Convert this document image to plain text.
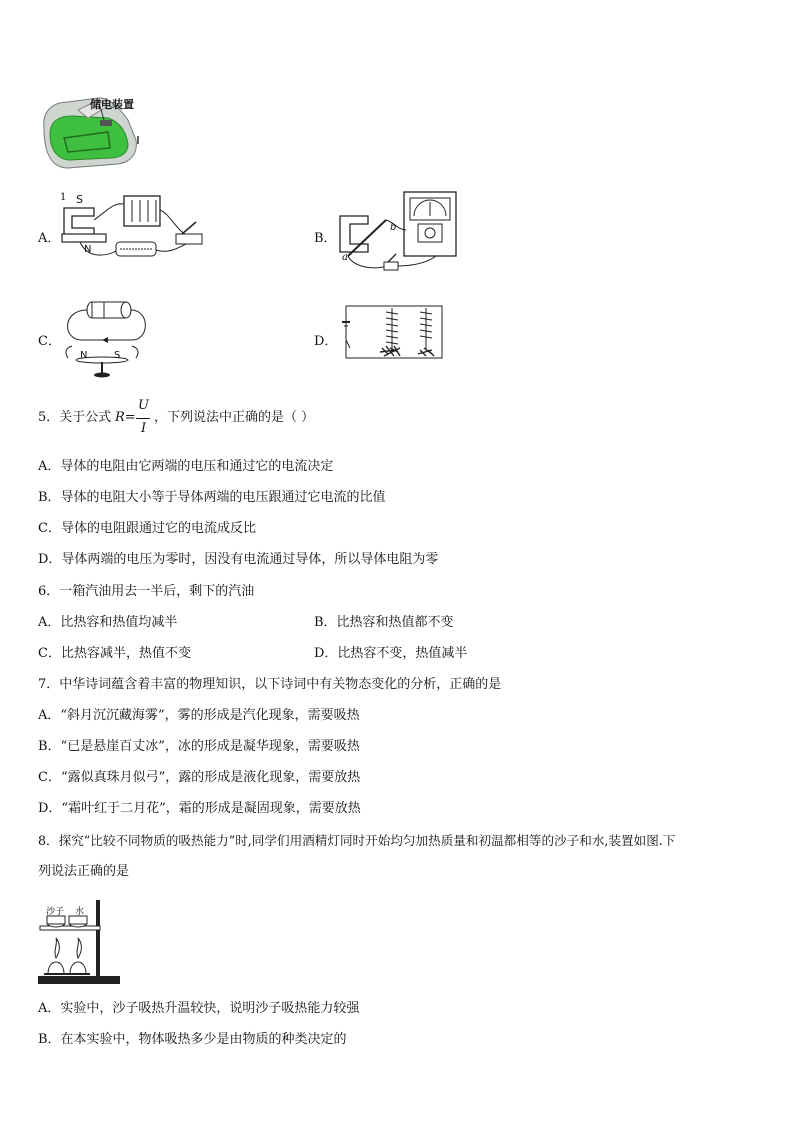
储电装置
A．
1 S
N
B．
a
b
C．
N	S
D．
5．关于公式 R=
U
I
，下列说法中正确的是（ ）
A．导体的电阻由它两端的电压和通过它的电流决定
B．导体的电阻大小等于导体两端的电压跟通过它电流的比值
C．导体的电阻跟通过它的电流成反比
D．导体两端的电压为零时，因没有电流通过导体，所以导体电阻为零
6．一箱汽油用去一半后，剩下的汽油
A．比热容和热值均减半	B．比热容和热值都不变
C．比热容减半，热值不变	D．比热容不变，热值减半
7．中华诗词蕴含着丰富的物理知识，以下诗词中有关物态变化的分析，正确的是
A．“斜月沉沉藏海雾”，雾的形成是汽化现象，需要吸热
B．“已是悬崖百丈冰”，冰的形成是凝华现象，需要吸热
C．“露似真珠月似弓”，露的形成是液化现象，需要放热
D．“霜叶红于二月花”，霜的形成是凝固现象，需要放热
8．探究“比较不同物质的吸热能力”时,同学们用酒精灯同时开始均匀加热质量和初温都相等的沙子和水,装置如图.下
列说法正确的是
沙子 水
A．实验中，沙子吸热升温较快，说明沙子吸热能力较强
B．在本实验中，物体吸热多少是由物质的种类决定的
